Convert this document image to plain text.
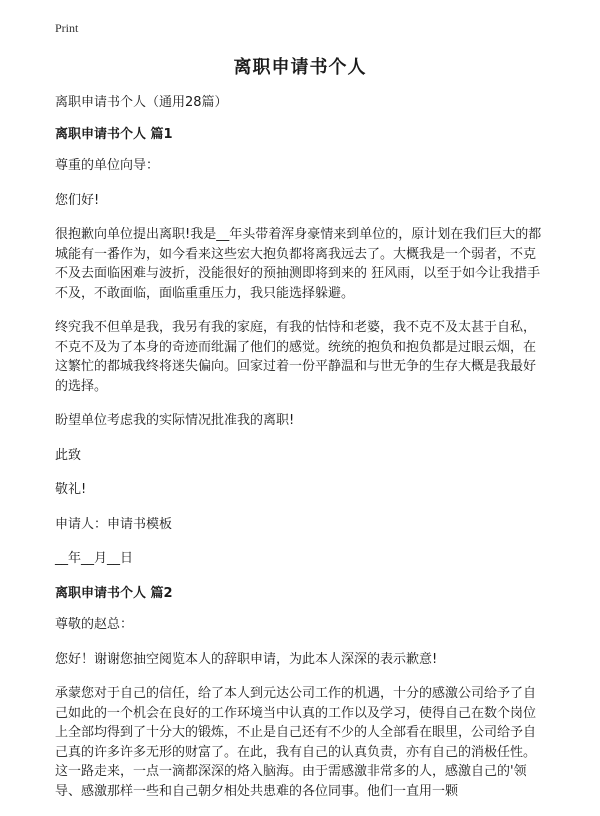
Print
离职申请书个人

离职申请书个人（通用28篇）

离职申请书个人 篇1

尊重的单位向导：

您们好!

很抱歉向单位提出离职!我是__年头带着浑身豪情来到单位的，原计划在我们巨大的都城能有一番作为，如今看来这些宏大抱负都将离我远去了。大概我是一个弱者，不克不及去面临困难与波折，没能很好的预抽测即将到来的 狂风雨，以至于如今让我措手不及，不敢面临，面临重重压力，我只能选择躲避。

终究我不但单是我，我另有我的家庭，有我的怙恃和老婆，我不克不及太甚于自私，不克不及为了本身的奇迹而纰漏了他们的感觉。统统的抱负和抱负都是过眼云烟，在这繁忙的都城我终将迷失偏向。回家过着一份平静温和与世无争的生存大概是我最好的选择。

盼望单位考虑我的实际情况批准我的离职!

此致

敬礼!

申请人：申请书模板

__年__月__日

离职申请书个人 篇2

尊敬的赵总：

您好！谢谢您抽空阅览本人的辞职申请，为此本人深深的表示歉意!

承蒙您对于自己的信任，给了本人到元达公司工作的机遇，十分的感激公司给予了自己如此的一个机会在良好的工作环境当中认真的工作以及学习，使得自己在数个岗位上全部均得到了十分大的锻炼，不止是自己还有不少的人全部看在眼里，公司给予自己真的许多许多无形的财富了。在此，我有自己的认真负责，亦有自己的消极任性。这一路走来，一点一滴都深深的烙入脑海。由于需感激非常多的人，感激自己的'领导、感激那样一些和自己朝夕相处共患难的各位同事。他们一直用一颗
